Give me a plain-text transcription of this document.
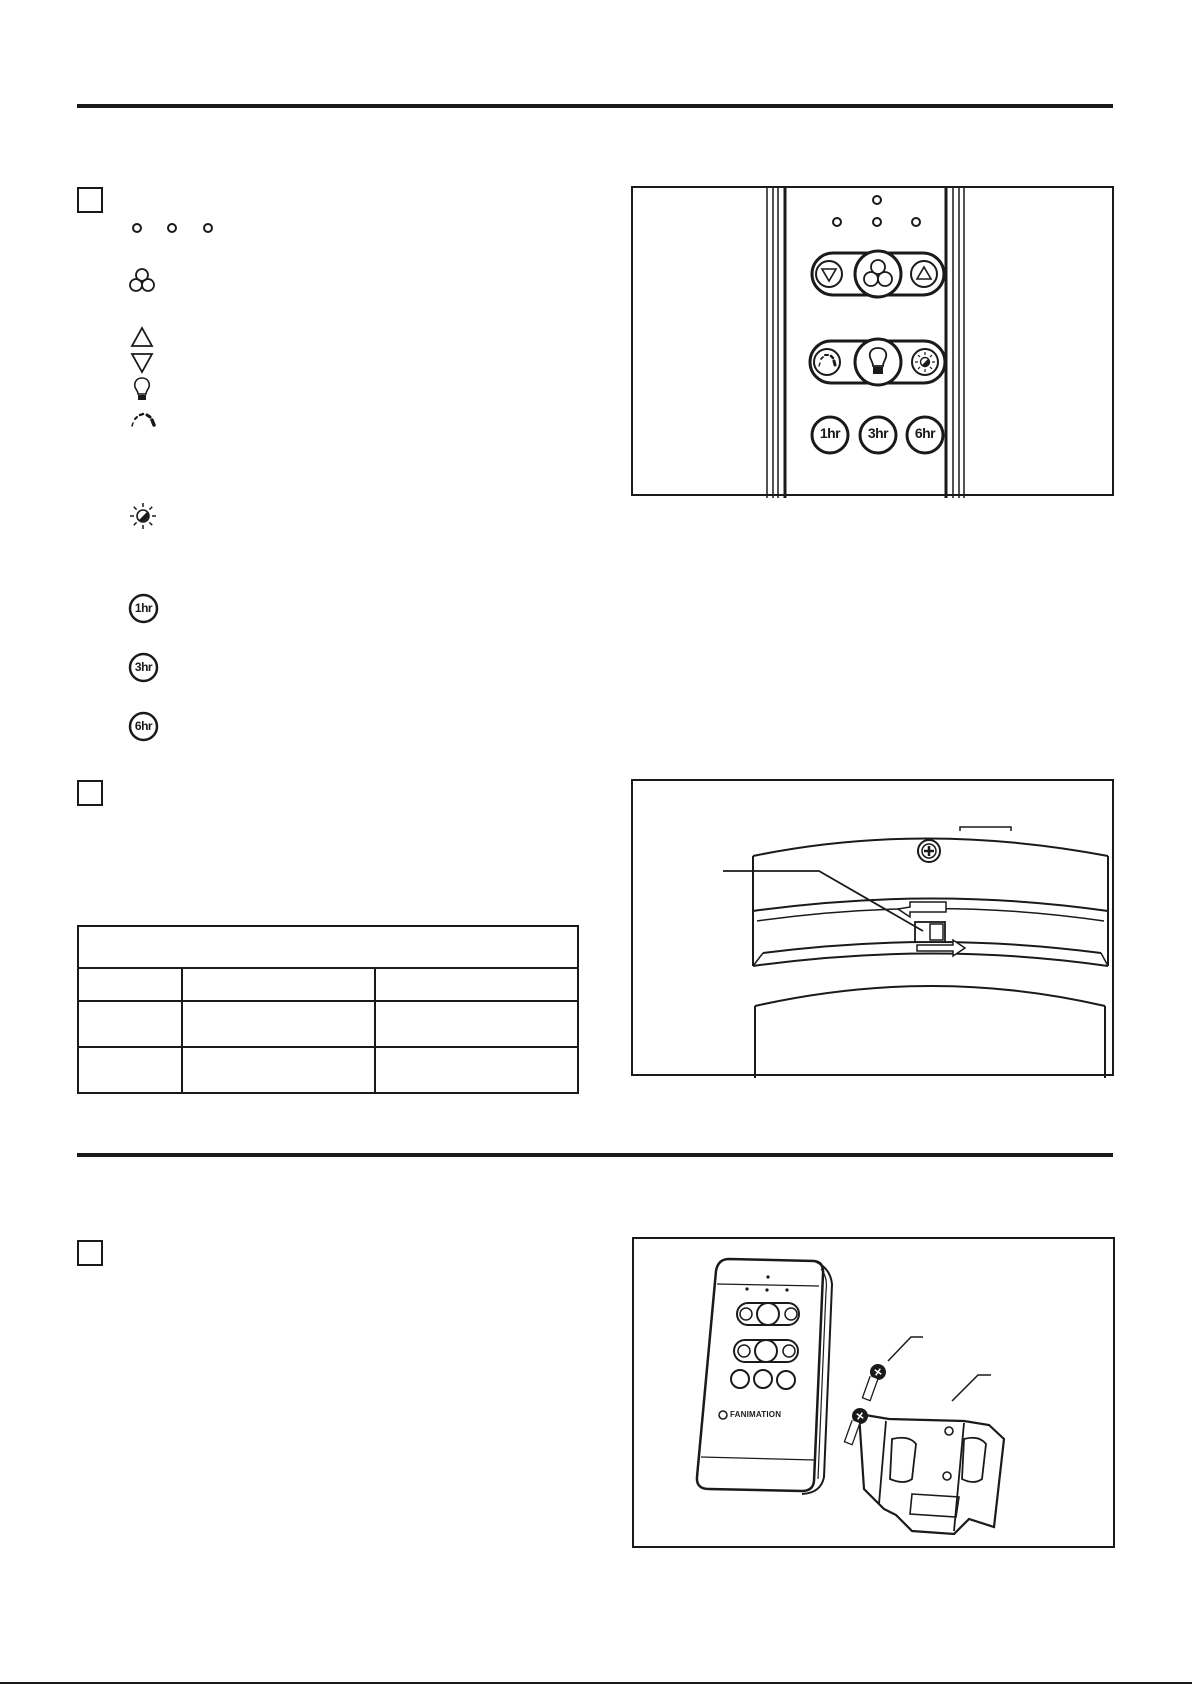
1hr
3hr
6hr
1hr	3hr	6hr

FANIMATION
